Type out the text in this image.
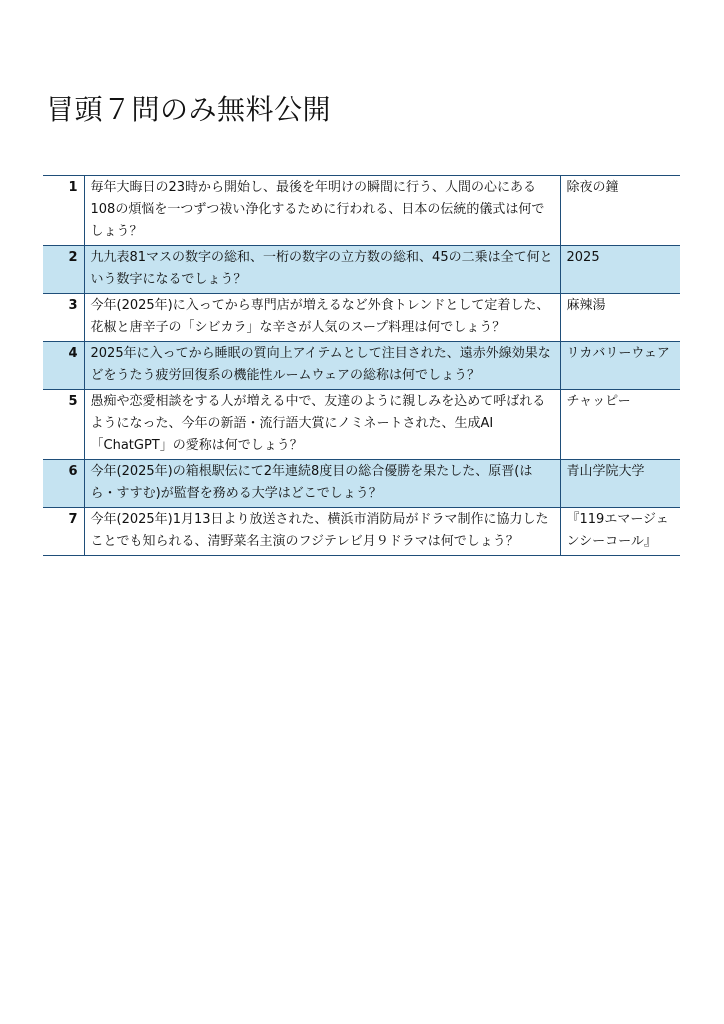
冒頭７問のみ無料公開
1	毎年大晦日の23時から開始し、最後を年明けの瞬間に行う、人間の心にある108の煩悩を一つずつ祓い浄化するために行われる、日本の伝統的儀式は何でしょう？	除夜の鐘
2	九九表81マスの数字の総和、一桁の数字の立方数の総和、45の二乗は全て何という数字になるでしょう？	2025
3	今年(2025年)に入ってから専門店が増えるなど外食トレンドとして定着した、花椒と唐辛子の「シビカラ」な辛さが人気のスープ料理は何でしょう？	麻辣湯
4	2025年に入ってから睡眠の質向上アイテムとして注目された、遠赤外線効果などをうたう疲労回復系の機能性ルームウェアの総称は何でしょう？	リカバリーウェア
5	愚痴や恋愛相談をする人が増える中で、友達のように親しみを込めて呼ばれるようになった、今年の新語・流行語大賞にノミネートされた、生成AI「ChatGPT」の愛称は何でしょう？	チャッピー
6	今年(2025年)の箱根駅伝にて2年連続8度目の総合優勝を果たした、原晋(はら・すすむ)が監督を務める大学はどこでしょう？	青山学院大学
7	今年(2025年)1月13日より放送された、横浜市消防局がドラマ制作に協力したことでも知られる、清野菜名主演のフジテレビ月９ドラマは何でしょう？	『119エマージェンシーコール』
